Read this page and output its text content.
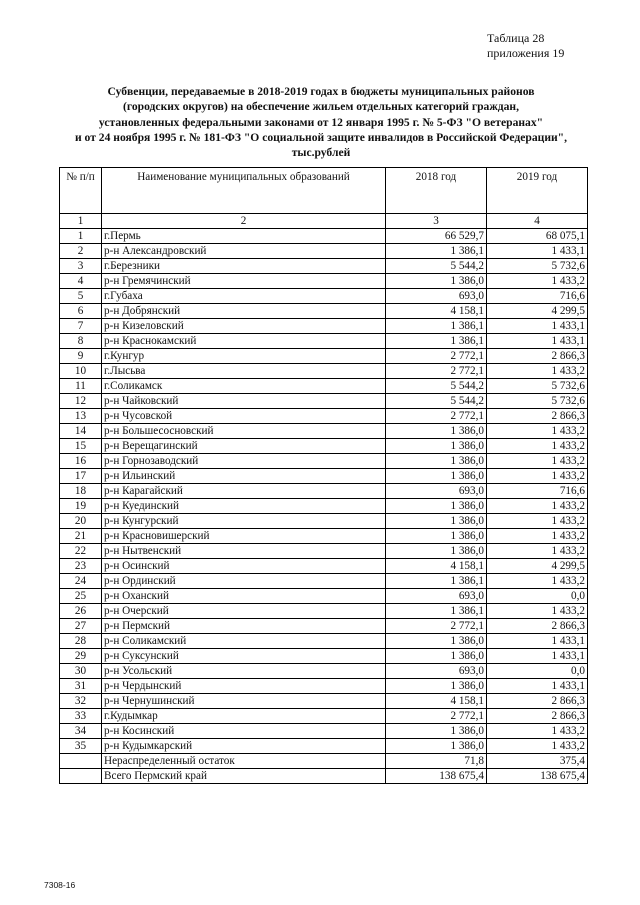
Таблица 28
приложения 19
Субвенции, передаваемые в 2018-2019 годах в бюджеты муниципальных районов
(городских округов) на обеспечение жильем отдельных категорий граждан,
установленных федеральными законами от 12 января 1995 г. № 5-ФЗ "О ветеранах"
и от 24 ноября 1995 г. № 181-ФЗ "О социальной защите инвалидов в Российской Федерации",
тыс.рублей
№ п/п	Наименование муниципальных образований	2018 год	2019 год
1	2	3	4
1	г.Пермь	66 529,7	68 075,1
2	р-н Александровский	1 386,1	1 433,1
3	г.Березники	5 544,2	5 732,6
4	р-н Гремячинский	1 386,0	1 433,2
5	г.Губаха	693,0	716,6
6	р-н Добрянский	4 158,1	4 299,5
7	р-н Кизеловский	1 386,1	1 433,1
8	р-н Краснокамский	1 386,1	1 433,1
9	г.Кунгур	2 772,1	2 866,3
10	г.Лысьва	2 772,1	1 433,2
11	г.Соликамск	5 544,2	5 732,6
12	р-н Чайковский	5 544,2	5 732,6
13	р-н Чусовской	2 772,1	2 866,3
14	р-н Большесосновский	1 386,0	1 433,2
15	р-н Верещагинский	1 386,0	1 433,2
16	р-н Горнозаводский	1 386,0	1 433,2
17	р-н Ильинский	1 386,0	1 433,2
18	р-н Карагайский	693,0	716,6
19	р-н Куединский	1 386,0	1 433,2
20	р-н Кунгурский	1 386,0	1 433,2
21	р-н Красновишерский	1 386,0	1 433,2
22	р-н Нытвенский	1 386,0	1 433,2
23	р-н Осинский	4 158,1	4 299,5
24	р-н Ординский	1 386,1	1 433,2
25	р-н Оханский	693,0	0,0
26	р-н Очерский	1 386,1	1 433,2
27	р-н Пермский	2 772,1	2 866,3
28	р-н Соликамский	1 386,0	1 433,1
29	р-н Суксунский	1 386,0	1 433,1
30	р-н Усольский	693,0	0,0
31	р-н Чердынский	1 386,0	1 433,1
32	р-н Чернушинский	4 158,1	2 866,3
33	г.Кудымкар	2 772,1	2 866,3
34	р-н Косинский	1 386,0	1 433,2
35	р-н Кудымкарский	1 386,0	1 433,2
	Нераспределенный остаток	71,8	375,4
	Всего Пермский край	138 675,4	138 675,4
7308-16
